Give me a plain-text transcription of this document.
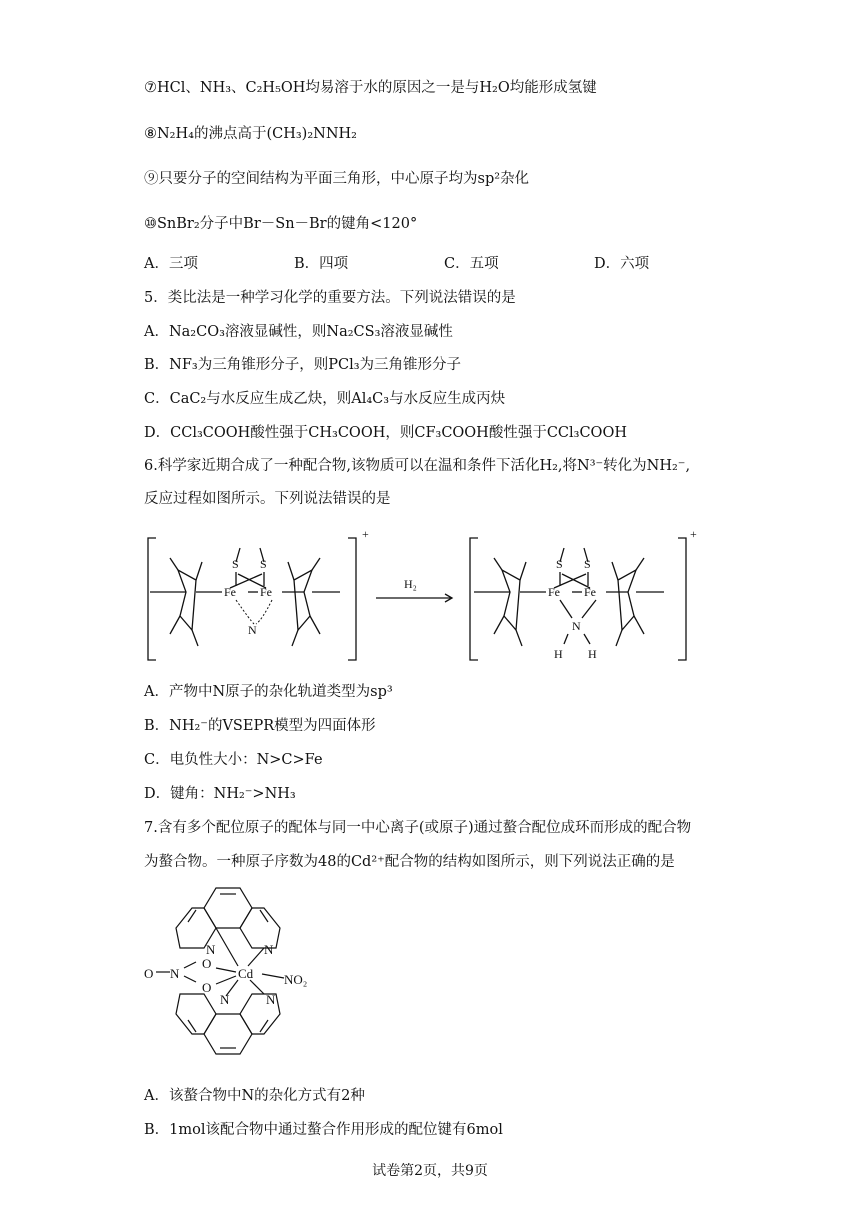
⑦HCl、NH₃、C₂H₅OH均易溶于水的原因之一是与H₂O均能形成氢键
⑧N₂H₄的沸点高于(CH₃)₂NNH₂
⑨只要分子的空间结构为平面三角形，中心原子均为sp²杂化
⑩SnBr₂分子中Br－Sn－Br的键角<120°
A．三项	B．四项	C．五项	D．六项
5．类比法是一种学习化学的重要方法。下列说法错误的是
A．Na₂CO₃溶液显碱性，则Na₂CS₃溶液显碱性
B．NF₃为三角锥形分子，则PCl₃为三角锥形分子
C．CaC₂与水反应生成乙炔，则Al₄C₃与水反应生成丙炔
D．CCl₃COOH酸性强于CH₃COOH，则CF₃COOH酸性强于CCl₃COOH
6.科学家近期合成了一种配合物,该物质可以在温和条件下活化H₂,将N³⁻转化为NH₂⁻,
反应过程如图所示。下列说法错误的是
S S
Fe Fe
N
+
H₂
S S
Fe Fe
N
H H
+
A．产物中N原子的杂化轨道类型为sp³
B．NH₂⁻的VSEPR模型为四面体形
C．电负性大小：N>C>Fe
D．键角：NH₂⁻>NH₃
7.含有多个配位原子的配体与同一中心离子(或原子)通过螯合配位成环而形成的配合物
为螯合物。一种原子序数为48的Cd²⁺配合物的结构如图所示，则下列说法正确的是
Cd
N	N
N	N
N
O
O
O
NO₂
A．该螯合物中N的杂化方式有2种
B．1mol该配合物中通过螯合作用形成的配位键有6mol
试卷第2页，共9页
